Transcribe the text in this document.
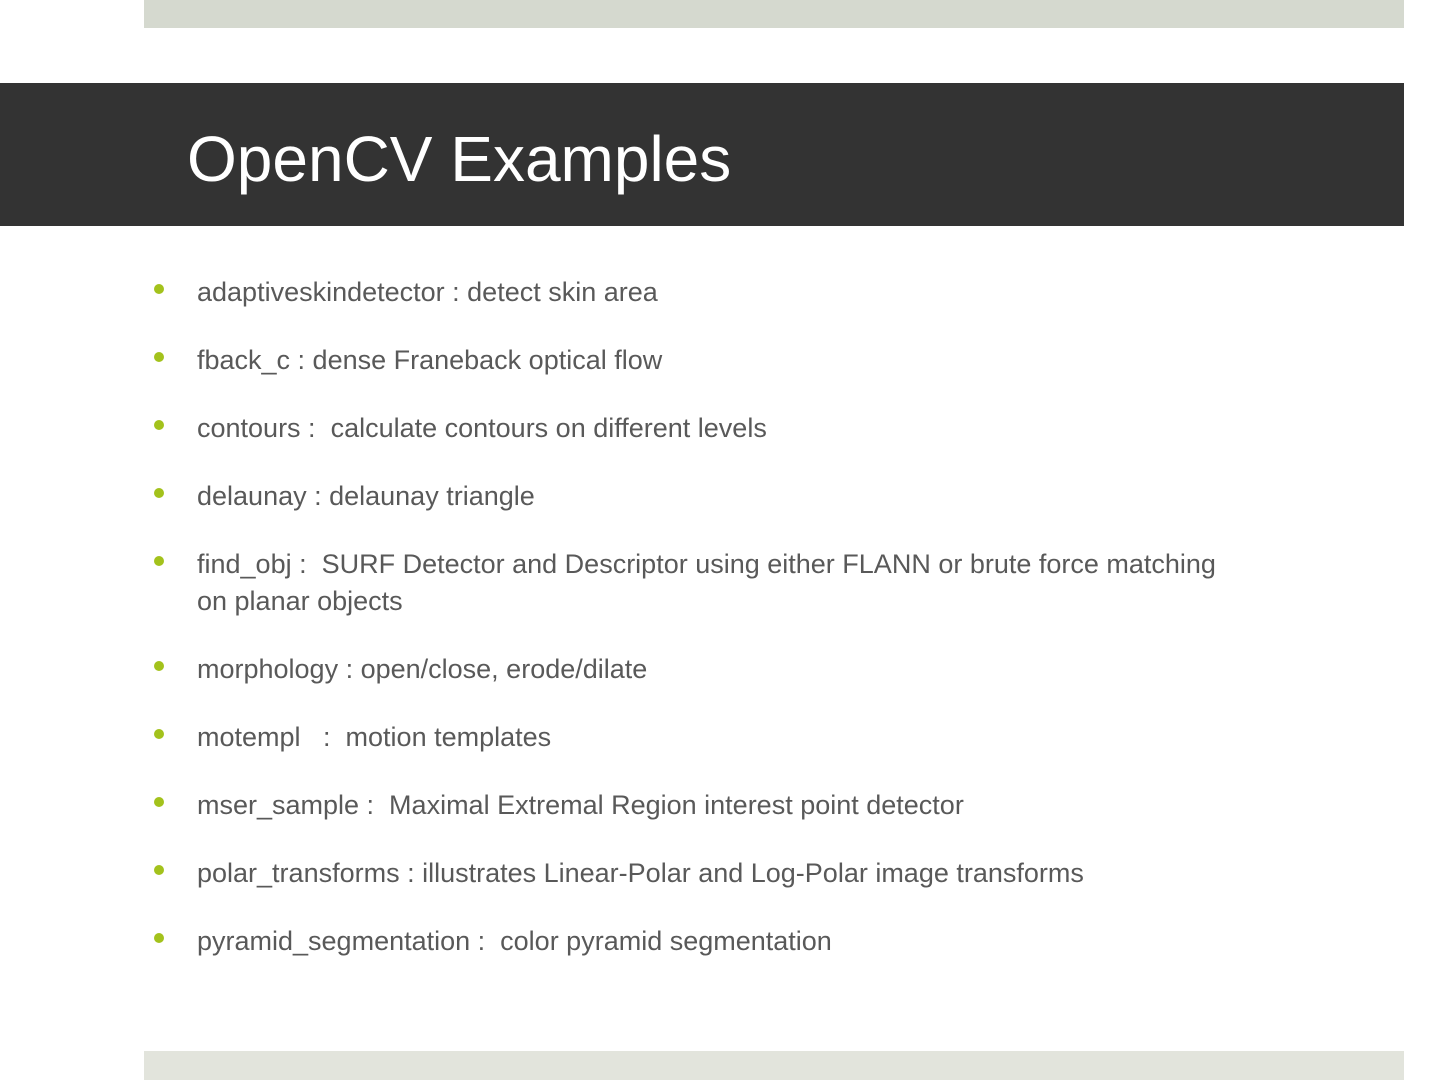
OpenCV Examples

adaptiveskindetector : detect skin area

fback_c : dense Franeback optical flow

contours :  calculate contours on different levels

delaunay : delaunay triangle

find_obj :  SURF Detector and Descriptor using either FLANN or brute force matching on planar objects

morphology : open/close, erode/dilate

motempl   :  motion templates

mser_sample :  Maximal Extremal Region interest point detector

polar_transforms : illustrates Linear-Polar and Log-Polar image transforms

pyramid_segmentation :  color pyramid segmentation
